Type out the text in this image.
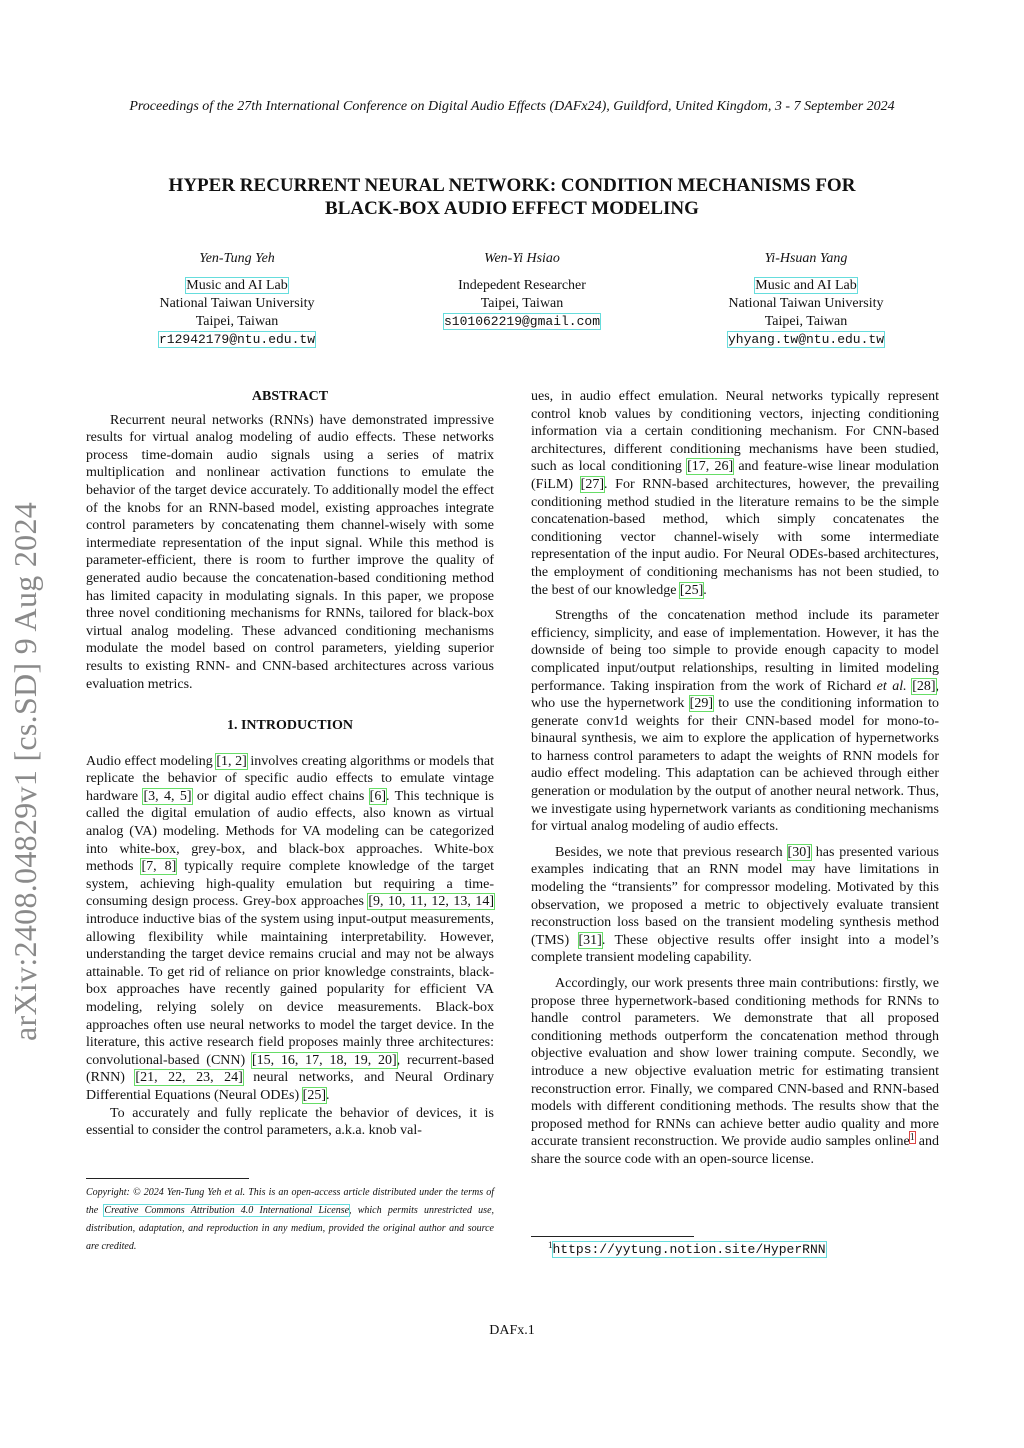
Proceedings of the 27th International Conference on Digital Audio Effects (DAFx24), Guildford, United Kingdom, 3 - 7 September 2024
arXiv:2408.04829v1 [cs.SD] 9 Aug 2024
HYPER RECURRENT NEURAL NETWORK: CONDITION MECHANISMS FOR
BLACK-BOX AUDIO EFFECT MODELING
Yen-Tung Yeh
Music and AI Lab
National Taiwan University
Taipei, Taiwan
r12942179@ntu.edu.tw
Wen-Yi Hsiao
Indepedent Researcher
Taipei, Taiwan
s101062219@gmail.com
Yi-Hsuan Yang
Music and AI Lab
National Taiwan University
Taipei, Taiwan
yhyang.tw@ntu.edu.tw
ABSTRACT

Recurrent neural networks (RNNs) have demonstrated impressive results for virtual analog modeling of audio effects. These networks process time-domain audio signals using a series of matrix multiplication and nonlinear activation functions to emulate the behavior of the target device accurately. To additionally model the effect of the knobs for an RNN-based model, existing approaches integrate control parameters by concatenating them channel-wisely with some intermediate representation of the input signal. While this method is parameter-efficient, there is room to further improve the quality of generated audio because the concatenation-based conditioning method has limited capacity in modulating signals. In this paper, we propose three novel conditioning mechanisms for RNNs, tailored for black-box virtual analog modeling. These advanced conditioning mechanisms modulate the model based on control parameters, yielding superior results to existing RNN- and CNN-based architectures across various evaluation metrics.

1. INTRODUCTION

Audio effect modeling [1, 2] involves creating algorithms or models that replicate the behavior of specific audio effects to emulate vintage hardware [3, 4, 5] or digital audio effect chains [6]. This technique is called the digital emulation of audio effects, also known as virtual analog (VA) modeling. Methods for VA modeling can be categorized into white-box, grey-box, and black-box approaches. White-box methods [7, 8] typically require complete knowledge of the target system, achieving high-quality emulation but requiring a time-consuming design process. Grey-box approaches [9, 10, 11, 12, 13, 14] introduce inductive bias of the system using input-output measurements, allowing flexibility while maintaining interpretability. However, understanding the target device remains crucial and may not be always attainable. To get rid of reliance on prior knowledge constraints, black-box approaches have recently gained popularity for efficient VA modeling, relying solely on device measurements. Black-box approaches often use neural networks to model the target device. In the literature, this active research field proposes mainly three architectures: convolutional-based (CNN) [15, 16, 17, 18, 19, 20], recurrent-based (RNN) [21, 22, 23, 24] neural networks, and Neural Ordinary Differential Equations (Neural ODEs) [25].

To accurately and fully replicate the behavior of devices, it is essential to consider the control parameters, a.k.a. knob val-

Copyright: © 2024 Yen-Tung Yeh et al. This is an open-access article distributed under the terms of the Creative Commons Attribution 4.0 International License, which permits unrestricted use, distribution, adaptation, and reproduction in any medium, provided the original author and source are credited.

ues, in audio effect emulation. Neural networks typically represent control knob values by conditioning vectors, injecting conditioning information via a certain conditioning mechanism. For CNN-based architectures, different conditioning mechanisms have been studied, such as local conditioning [17, 26] and feature-wise linear modulation (FiLM) [27]. For RNN-based architectures, however, the prevailing conditioning method studied in the literature remains to be the simple concatenation-based method, which simply concatenates the conditioning vector channel-wisely with some intermediate representation of the input audio. For Neural ODEs-based architectures, the employment of conditioning mechanisms has not been studied, to the best of our knowledge [25].

Strengths of the concatenation method include its parameter efficiency, simplicity, and ease of implementation. However, it has the downside of being too simple to provide enough capacity to model complicated input/output relationships, resulting in limited modeling performance. Taking inspiration from the work of Richard et al. [28], who use the hypernetwork [29] to use the conditioning information to generate conv1d weights for their CNN-based model for mono-to-binaural synthesis, we aim to explore the application of hypernetworks to harness control parameters to adapt the weights of RNN models for audio effect modeling. This adaptation can be achieved through either generation or modulation by the output of another neural network. Thus, we investigate using hypernetwork variants as conditioning mechanisms for virtual analog modeling of audio effects.

Besides, we note that previous research [30] has presented various examples indicating that an RNN model may have limitations in modeling the “transients” for compressor modeling. Motivated by this observation, we proposed a metric to objectively evaluate transient reconstruction loss based on the transient modeling synthesis method (TMS) [31]. These objective results offer insight into a model’s complete transient modeling capability.

Accordingly, our work presents three main contributions: firstly, we propose three hypernetwork-based conditioning methods for RNNs to handle control parameters. We demonstrate that all proposed conditioning methods outperform the concatenation method through objective evaluation and show lower training compute. Secondly, we introduce a new objective evaluation metric for estimating transient reconstruction error. Finally, we compared CNN-based and RNN-based models with different conditioning methods. The results show that the proposed method for RNNs can achieve better audio quality and more accurate transient reconstruction. We provide audio samples online$^1$ and share the source code with an open-source license.

$^1$https://yytung.notion.site/HyperRNN
DAFx.1
